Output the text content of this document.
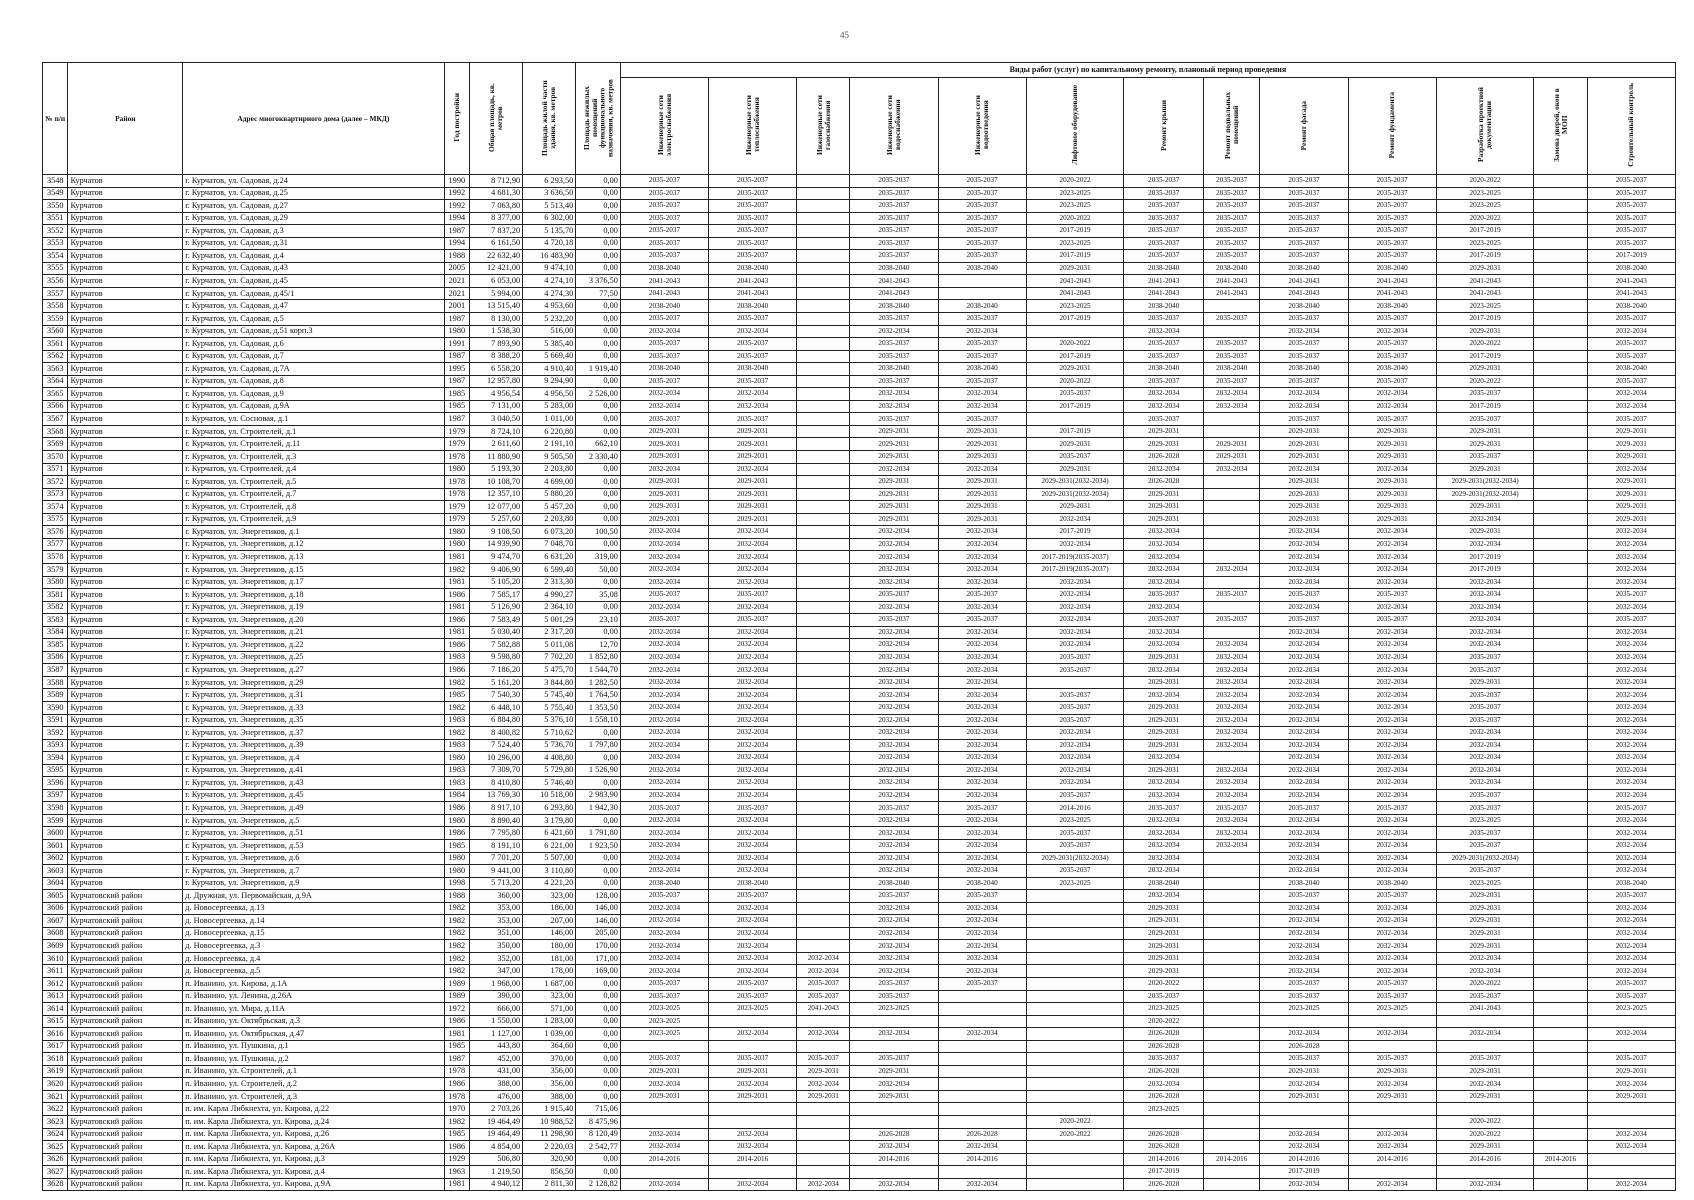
45
№ п/п	Район	Адрес многоквартирного дома (далее – МКД)	Год постройки	Общая площадь, кв. метров	Площадь жилой части здания, кв. метров	Площадь нежилых помещений функционального назначения, кв. метров	Виды работ (услуг) по капитальному ремонту, плановый период проведения												
							Инженерные сети электроснабжения	Инженерные сети теплоснабжения	Инженерные сети газоснабжения	Инженерные сети водоснабжения	Инженерные сети водоотведения	Лифтовое оборудование	Ремонт крыши	Ремонт подвальных помещений	Ремонт фасада	Ремонт фундамента	Разработка проектной документации	Замена дверей, окон в МОП	Строительный контроль
3548	Курчатов	г. Курчатов, ул. Садовая, д.24	1990	8 712,90	6 293,50	0,00	2035-2037	2035-2037		2035-2037	2035-2037	2020-2022	2035-2037	2035-2037	2035-2037	2035-2037	2020-2022		2035-2037
3549	Курчатов	г. Курчатов, ул. Садовая, д.25	1992	4 681,30	3 636,50	0,00	2035-2037	2035-2037		2035-2037	2035-2037	2023-2025	2035-2037	2035-2037	2035-2037	2035-2037	2023-2025		2035-2037
3550	Курчатов	г. Курчатов, ул. Садовая, д.27	1992	7 063,80	5 513,40	0,00	2035-2037	2035-2037		2035-2037	2035-2037	2023-2025	2035-2037	2035-2037	2035-2037	2035-2037	2023-2025		2035-2037
3551	Курчатов	г. Курчатов, ул. Садовая, д.29	1994	8 377,00	6 302,00	0,00	2035-2037	2035-2037		2035-2037	2035-2037	2020-2022	2035-2037	2035-2037	2035-2037	2035-2037	2020-2022		2035-2037
3552	Курчатов	г. Курчатов, ул. Садовая, д.3	1987	7 837,20	5 135,70	0,00	2035-2037	2035-2037		2035-2037	2035-2037	2017-2019	2035-2037	2035-2037	2035-2037	2035-2037	2017-2019		2035-2037
3553	Курчатов	г. Курчатов, ул. Садовая, д.31	1994	6 161,50	4 720,18	0,00	2035-2037	2035-2037		2035-2037	2035-2037	2023-2025	2035-2037	2035-2037	2035-2037	2035-2037	2023-2025		2035-2037
3554	Курчатов	г. Курчатов, ул. Садовая, д.4	1988	22 632,40	16 483,90	0,00	2035-2037	2035-2037		2035-2037	2035-2037	2017-2019	2035-2037	2035-2037	2035-2037	2035-2037	2017-2019		2017-2019
3555	Курчатов	г. Курчатов, ул. Садовая, д.43	2005	12 421,00	9 474,10	0,00	2038-2040	2038-2040		2038-2040	2038-2040	2029-2031	2038-2040	2038-2040	2038-2040	2038-2040	2029-2031		2038-2040
3556	Курчатов	г. Курчатов, ул. Садовая, д.45	2021	6 053,00	4 274,10	3 376,50	2041-2043	2041-2043		2041-2043		2041-2043	2041-2043	2041-2043	2041-2043	2041-2043	2041-2043		2041-2043
3557	Курчатов	г. Курчатов, ул. Садовая, д.45/1	2021	5 994,00	4 274,30	77,50	2041-2043	2041-2043		2041-2043		2041-2043	2041-2043	2041-2043	2041-2043	2041-2043	2041-2043		2041-2043
3558	Курчатов	г. Курчатов, ул. Садовая, д.47	2001	13 515,40	4 953,60	0,00	2038-2040	2038-2040		2038-2040	2038-2040	2023-2025	2038-2040		2038-2040	2038-2040	2023-2025		2038-2040
3559	Курчатов	г. Курчатов, ул. Садовая, д.5	1987	8 130,00	5 232,20	0,00	2035-2037	2035-2037		2035-2037	2035-2037	2017-2019	2035-2037	2035-2037	2035-2037	2035-2037	2017-2019		2035-2037
3560	Курчатов	г. Курчатов, ул. Садовая, д.51 корп.3	1980	1 538,30	516,00	0,00	2032-2034	2032-2034		2032-2034	2032-2034		2032-2034		2032-2034	2032-2034	2029-2031		2032-2034
3561	Курчатов	г. Курчатов, ул. Садовая, д.6	1991	7 893,90	5 385,40	0,00	2035-2037	2035-2037		2035-2037	2035-2037	2020-2022	2035-2037	2035-2037	2035-2037	2035-2037	2020-2022		2035-2037
3562	Курчатов	г. Курчатов, ул. Садовая, д.7	1987	8 388,20	5 669,40	0,00	2035-2037	2035-2037		2035-2037	2035-2037	2017-2019	2035-2037	2035-2037	2035-2037	2035-2037	2017-2019		2035-2037
3563	Курчатов	г. Курчатов, ул. Садовая, д.7А	1995	6 558,20	4 910,40	1 919,40	2038-2040	2038-2040		2038-2040	2038-2040	2029-2031	2038-2040	2038-2040	2038-2040	2038-2040	2029-2031		2038-2040
3564	Курчатов	г. Курчатов, ул. Садовая, д.8	1987	12 957,80	9 294,90	0,00	2035-2037	2035-2037		2035-2037	2035-2037	2020-2022	2035-2037	2035-2037	2035-2037	2035-2037	2020-2022		2035-2037
3565	Курчатов	г. Курчатов, ул. Садовая, д.9	1985	4 956,54	4 956,50	2 526,00	2032-2034	2032-2034		2032-2034	2032-2034	2035-2037	2032-2034	2032-2034	2032-2034	2032-2034	2035-2037		2032-2034
3566	Курчатов	г. Курчатов, ул. Садовая, д.9А	1985	7 131,00	5 283,00	0,00	2032-2034	2032-2034		2032-2034	2032-2034	2017-2019	2032-2034	2032-2034	2032-2034	2032-2034	2017-2019		2032-2034
3567	Курчатов	г. Курчатов, ул. Сосновая, д.1	1987	3 040,50	1 011,00	0,00	2035-2037	2035-2037		2035-2037	2035-2037		2035-2037		2035-2037	2035-2037	2035-2037		2035-2037
3568	Курчатов	г. Курчатов, ул. Строителей, д.1	1979	8 724,10	6 220,80	0,00	2029-2031	2029-2031		2029-2031	2029-2031	2017-2019	2029-2031		2029-2031	2029-2031	2029-2031		2029-2031
3569	Курчатов	г. Курчатов, ул. Строителей, д.11	1979	2 611,60	2 191,10	662,10	2029-2031	2029-2031		2029-2031	2029-2031	2029-2031	2029-2031	2029-2031	2029-2031	2029-2031	2029-2031		2029-2031
3570	Курчатов	г. Курчатов, ул. Строителей, д.3	1978	11 880,90	9 505,50	2 330,40	2029-2031	2029-2031		2029-2031	2029-2031	2035-2037	2026-2028	2029-2031	2029-2031	2029-2031	2035-2037		2029-2031
3571	Курчатов	г. Курчатов, ул. Строителей, д.4	1980	5 193,30	2 203,80	0,00	2032-2034	2032-2034		2032-2034	2032-2034	2029-2031	2032-2034	2032-2034	2032-2034	2032-2034	2029-2031		2032-2034
3572	Курчатов	г. Курчатов, ул. Строителей, д.5	1978	10 108,70	4 699,00	0,00	2029-2031	2029-2031		2029-2031	2029-2031	2029-2031(2032-2034)	2026-2028		2029-2031	2029-2031	2029-2031(2032-2034)		2029-2031
3573	Курчатов	г. Курчатов, ул. Строителей, д.7	1978	12 357,10	5 880,20	0,00	2029-2031	2029-2031		2029-2031	2029-2031	2029-2031(2032-2034)	2029-2031		2029-2031	2029-2031	2029-2031(2032-2034)		2029-2031
3574	Курчатов	г. Курчатов, ул. Строителей, д.8	1979	12 077,00	5 457,20	0,00	2029-2031	2029-2031		2029-2031	2029-2031	2029-2031	2029-2031		2029-2031	2029-2031	2029-2031		2029-2031
3575	Курчатов	г. Курчатов, ул. Строителей, д.9	1979	5 257,60	2 203,80	0,00	2029-2031	2029-2031		2029-2031	2029-2031	2032-2034	2029-2031		2029-2031	2029-2031	2032-2034		2029-2031
3576	Курчатов	г. Курчатов, ул. Энергетиков, д.1	1980	9 108,50	6 073,20	100,50	2032-2034	2032-2034		2032-2034	2032-2034	2017-2019	2032-2034		2032-2034	2032-2034	2029-2031		2032-2034
3577	Курчатов	г. Курчатов, ул. Энергетиков, д.12	1980	14 939,90	7 048,70	0,00	2032-2034	2032-2034		2032-2034	2032-2034	2032-2034	2032-2034		2032-2034	2032-2034	2032-2034		2032-2034
3578	Курчатов	г. Курчатов, ул. Энергетиков, д.13	1981	9 474,70	6 631,20	319,00	2032-2034	2032-2034		2032-2034	2032-2034	2017-2019(2035-2037)	2032-2034		2032-2034	2032-2034	2017-2019		2032-2034
3579	Курчатов	г. Курчатов, ул. Энергетиков, д.15	1982	9 406,90	6 599,40	50,00	2032-2034	2032-2034		2032-2034	2032-2034	2017-2019(2035-2037)	2032-2034	2032-2034	2032-2034	2032-2034	2017-2019		2032-2034
3580	Курчатов	г. Курчатов, ул. Энергетиков, д.17	1981	5 105,20	2 313,30	0,00	2032-2034	2032-2034		2032-2034	2032-2034	2032-2034	2032-2034		2032-2034	2032-2034	2032-2034		2032-2034
3581	Курчатов	г. Курчатов, ул. Энергетиков, д.18	1986	7 585,17	4 990,27	35,08	2035-2037	2035-2037		2035-2037	2035-2037	2032-2034	2035-2037	2035-2037	2035-2037	2035-2037	2032-2034		2035-2037
3582	Курчатов	г. Курчатов, ул. Энергетиков, д.19	1981	5 126,90	2 364,10	0,00	2032-2034	2032-2034		2032-2034	2032-2034	2032-2034	2032-2034		2032-2034	2032-2034	2032-2034		2032-2034
3583	Курчатов	г. Курчатов, ул. Энергетиков, д.20	1986	7 583,49	5 001,29	23,10	2035-2037	2035-2037		2035-2037	2035-2037	2032-2034	2035-2037	2035-2037	2035-2037	2035-2037	2032-2034		2035-2037
3584	Курчатов	г. Курчатов, ул. Энергетиков, д.21	1981	5 030,40	2 317,20	0,00	2032-2034	2032-2034		2032-2034	2032-2034	2032-2034	2032-2034		2032-2034	2032-2034	2032-2034		2032-2034
3585	Курчатов	г. Курчатов, ул. Энергетиков, д.22	1986	7 582,88	5 011,08	12,70	2032-2034	2032-2034		2032-2034	2032-2034	2032-2034	2032-2034	2032-2034	2032-2034	2032-2034	2032-2034		2032-2034
3586	Курчатов	г. Курчатов, ул. Энергетиков, д.25	1983	9 598,80	7 702,20	1 852,80	2032-2034	2032-2034		2032-2034	2032-2034	2035-2037	2029-2031	2032-2034	2032-2034	2032-2034	2035-2037		2032-2034
3587	Курчатов	г. Курчатов, ул. Энергетиков, д.27	1986	7 186,20	5 475,70	1 544,70	2032-2034	2032-2034		2032-2034	2032-2034	2035-2037	2032-2034	2032-2034	2032-2034	2032-2034	2035-2037		2032-2034
3588	Курчатов	г. Курчатов, ул. Энергетиков, д.29	1982	5 161,20	3 844,80	1 282,50	2032-2034	2032-2034		2032-2034	2032-2034		2029-2031	2032-2034	2032-2034	2032-2034	2029-2031		2032-2034
3589	Курчатов	г. Курчатов, ул. Энергетиков, д.31	1985	7 540,30	5 745,40	1 764,50	2032-2034	2032-2034		2032-2034	2032-2034	2035-2037	2032-2034	2032-2034	2032-2034	2032-2034	2035-2037		2032-2034
3590	Курчатов	г. Курчатов, ул. Энергетиков, д.33	1982	6 448,10	5 755,40	1 353,50	2032-2034	2032-2034		2032-2034	2032-2034	2035-2037	2029-2031	2032-2034	2032-2034	2032-2034	2035-2037		2032-2034
3591	Курчатов	г. Курчатов, ул. Энергетиков, д.35	1983	6 884,80	5 376,10	1 558,10	2032-2034	2032-2034		2032-2034	2032-2034	2035-2037	2029-2031	2032-2034	2032-2034	2032-2034	2035-2037		2032-2034
3592	Курчатов	г. Курчатов, ул. Энергетиков, д.37	1982	8 400,82	5 710,62	0,00	2032-2034	2032-2034		2032-2034	2032-2034	2032-2034	2029-2031	2032-2034	2032-2034	2032-2034	2032-2034		2032-2034
3593	Курчатов	г. Курчатов, ул. Энергетиков, д.39	1983	7 524,40	5 736,70	1 797,80	2032-2034	2032-2034		2032-2034	2032-2034	2032-2034	2029-2031	2032-2034	2032-2034	2032-2034	2032-2034		2032-2034
3594	Курчатов	г. Курчатов, ул. Энергетиков, д.4	1980	10 296,00	4 408,80	0,00	2032-2034	2032-2034		2032-2034	2032-2034	2032-2034	2032-2034		2032-2034	2032-2034	2032-2034		2032-2034
3595	Курчатов	г. Курчатов, ул. Энергетиков, д.41	1983	7 309,70	5 729,80	1 526,90	2032-2034	2032-2034		2032-2034	2032-2034	2032-2034	2029-2031	2032-2034	2032-2034	2032-2034	2032-2034		2032-2034
3596	Курчатов	г. Курчатов, ул. Энергетиков, д.43	1983	8 410,80	5 746,40	0,00	2032-2034	2032-2034		2032-2034	2032-2034	2032-2034	2032-2034	2032-2034	2032-2034	2032-2034	2032-2034		2032-2034
3597	Курчатов	г. Курчатов, ул. Энергетиков, д.45	1984	13 769,30	10 518,00	2 983,90	2032-2034	2032-2034		2032-2034	2032-2034	2035-2037	2032-2034	2032-2034	2032-2034	2032-2034	2035-2037		2032-2034
3598	Курчатов	г. Курчатов, ул. Энергетиков, д.49	1986	8 917,10	6 293,80	1 942,30	2035-2037	2035-2037		2035-2037	2035-2037	2014-2016	2035-2037	2035-2037	2035-2037	2035-2037	2035-2037		2035-2037
3599	Курчатов	г. Курчатов, ул. Энергетиков, д.5	1980	8 890,40	3 179,80	0,00	2032-2034	2032-2034		2032-2034	2032-2034	2023-2025	2032-2034	2032-2034	2032-2034	2032-2034	2023-2025		2032-2034
3600	Курчатов	г. Курчатов, ул. Энергетиков, д.51	1986	7 795,80	6 421,60	1 791,80	2032-2034	2032-2034		2032-2034	2032-2034	2035-2037	2032-2034	2032-2034	2032-2034	2032-2034	2035-2037		2032-2034
3601	Курчатов	г. Курчатов, ул. Энергетиков, д.53	1985	8 191,10	6 221,00	1 923,50	2032-2034	2032-2034		2032-2034	2032-2034	2035-2037	2032-2034	2032-2034	2032-2034	2032-2034	2035-2037		2032-2034
3602	Курчатов	г. Курчатов, ул. Энергетиков, д.6	1980	7 701,20	5 507,00	0,00	2032-2034	2032-2034		2032-2034	2032-2034	2029-2031(2032-2034)	2032-2034		2032-2034	2032-2034	2029-2031(2032-2034)		2032-2034
3603	Курчатов	г. Курчатов, ул. Энергетиков, д.7	1980	9 441,00	3 110,80	0,00	2032-2034	2032-2034		2032-2034	2032-2034	2035-2037	2032-2034		2032-2034	2032-2034	2035-2037		2032-2034
3604	Курчатов	г. Курчатов, ул. Энергетиков, д.9	1998	5 713,20	4 221,20	0,00	2038-2040	2038-2040		2038-2040	2038-2040	2023-2025	2038-2040		2038-2040	2038-2040	2023-2025		2038-2040
3605	Курчатовский район	д. Дружная, ул. Первомайская, д.9А	1988	360,00	323,00	128,00	2035-2037	2035-2037		2035-2037	2035-2037		2032-2034		2035-2037	2035-2037	2029-2031		2035-2037
3606	Курчатовский район	д. Новосергеевка, д.13	1982	353,00	186,00	146,00	2032-2034	2032-2034		2032-2034	2032-2034		2029-2031		2032-2034	2032-2034	2029-2031		2032-2034
3607	Курчатовский район	д. Новосергеевка, д.14	1982	353,00	207,00	146,00	2032-2034	2032-2034		2032-2034	2032-2034		2029-2031		2032-2034	2032-2034	2029-2031		2032-2034
3608	Курчатовский район	д. Новосергеевка, д.15	1982	351,00	146,00	205,00	2032-2034	2032-2034		2032-2034	2032-2034		2029-2031		2032-2034	2032-2034	2029-2031		2032-2034
3609	Курчатовский район	д. Новосергеевка, д.3	1982	350,00	180,00	170,00	2032-2034	2032-2034		2032-2034	2032-2034		2029-2031		2032-2034	2032-2034	2029-2031		2032-2034
3610	Курчатовский район	д. Новосергеевка, д.4	1982	352,00	181,00	171,00	2032-2034	2032-2034	2032-2034	2032-2034	2032-2034		2029-2031		2032-2034	2032-2034	2032-2034		2032-2034
3611	Курчатовский район	д. Новосергеевка, д.5	1982	347,00	178,00	169,00	2032-2034	2032-2034	2032-2034	2032-2034	2032-2034		2029-2031		2032-2034	2032-2034	2032-2034		2032-2034
3612	Курчатовский район	п. Иванино, ул. Кирова, д.1А	1989	1 968,00	1 687,00	0,00	2035-2037	2035-2037	2035-2037	2035-2037	2035-2037		2020-2022		2035-2037	2035-2037	2020-2022		2035-2037
3613	Курчатовский район	п. Иванино, ул. Ленина, д.26А	1989	390,00	323,00	0,00	2035-2037	2035-2037	2035-2037	2035-2037			2035-2037		2035-2037	2035-2037	2035-2037		2035-2037
3614	Курчатовский район	п. Иванино, ул. Мира, д.11А	1972	666,00	571,00	0,00	2023-2025	2023-2025	2041-2043	2023-2025			2023-2025		2023-2025	2023-2025	2041-2043		2023-2025
3615	Курчатовский район	п. Иванино, ул. Октябрьская, д.3	1986	1 550,00	1 283,00	0,00	2023-2025						2020-2022						
3616	Курчатовский район	п. Иванино, ул. Октябрьская, д.47	1981	1 127,00	1 039,00	0,00	2023-2025	2032-2034	2032-2034	2032-2034	2032-2034		2026-2028		2032-2034	2032-2034	2032-2034		2032-2034
3617	Курчатовский район	п. Иванино, ул. Пушкина, д.1	1985	443,80	364,60	0,00							2026-2028		2026-2028				
3618	Курчатовский район	п. Иванино, ул. Пушкина, д.2	1987	452,00	370,00	0,00	2035-2037	2035-2037	2035-2037	2035-2037			2035-2037		2035-2037	2035-2037	2035-2037		2035-2037
3619	Курчатовский район	п. Иванино, ул. Строителей, д.1	1978	431,00	356,00	0,00	2029-2031	2029-2031	2029-2031	2029-2031			2026-2028		2029-2031	2029-2031	2029-2031		2029-2031
3620	Курчатовский район	п. Иванино, ул. Строителей, д.2	1986	388,00	356,00	0,00	2032-2034	2032-2034	2032-2034	2032-2034			2032-2034		2032-2034	2032-2034	2032-2034		2032-2034
3621	Курчатовский район	п. Иванино, ул. Строителей, д.3	1978	476,00	388,00	0,00	2029-2031	2029-2031	2029-2031	2029-2031			2026-2028		2029-2031	2029-2031	2029-2031		2029-2031
3622	Курчатовский район	п. им. Карла Либкнехта, ул. Кирова, д.22	1970	2 703,26	1 915,40	715,06							2023-2025						
3623	Курчатовский район	п. им. Карла Либкнехта, ул. Кирова, д.24	1982	19 464,49	10 988,52	8 475,96						2020-2022					2020-2022		
3624	Курчатовский район	п. им. Карла Либкнехта, ул. Кирова, д.26	1985	19 464,49	11 298,90	8 120,49	2032-2034	2032-2034		2026-2028	2026-2028	2020-2022	2026-2028		2032-2034	2032-2034	2020-2022		2032-2034
3625	Курчатовский район	п. им. Карла Либкнехта, ул. Кирова, д.26А	1986	4 854,00	2 220,03	2 542,77	2032-2034	2032-2034		2032-2034	2032-2034		2026-2028		2032-2034	2032-2034	2029-2031		2032-2034
3626	Курчатовский район	п. им. Карла Либкнехта, ул. Кирова, д.3	1929	506,80	320,90	0,00	2014-2016	2014-2016		2014-2016	2014-2016		2014-2016	2014-2016	2014-2016	2014-2016	2014-2016	2014-2016	
3627	Курчатовский район	п. им. Карла Либкнехта, ул. Кирова, д.4	1963	1 219,50	856,50	0,00							2017-2019		2017-2019				
3628	Курчатовский район	п. им. Карла Либкнехта, ул. Кирова, д.9А	1981	4 940,12	2 811,30	2 128,82	2032-2034	2032-2034	2032-2034	2032-2034	2032-2034		2026-2028		2032-2034	2032-2034	2032-2034		2032-2034
